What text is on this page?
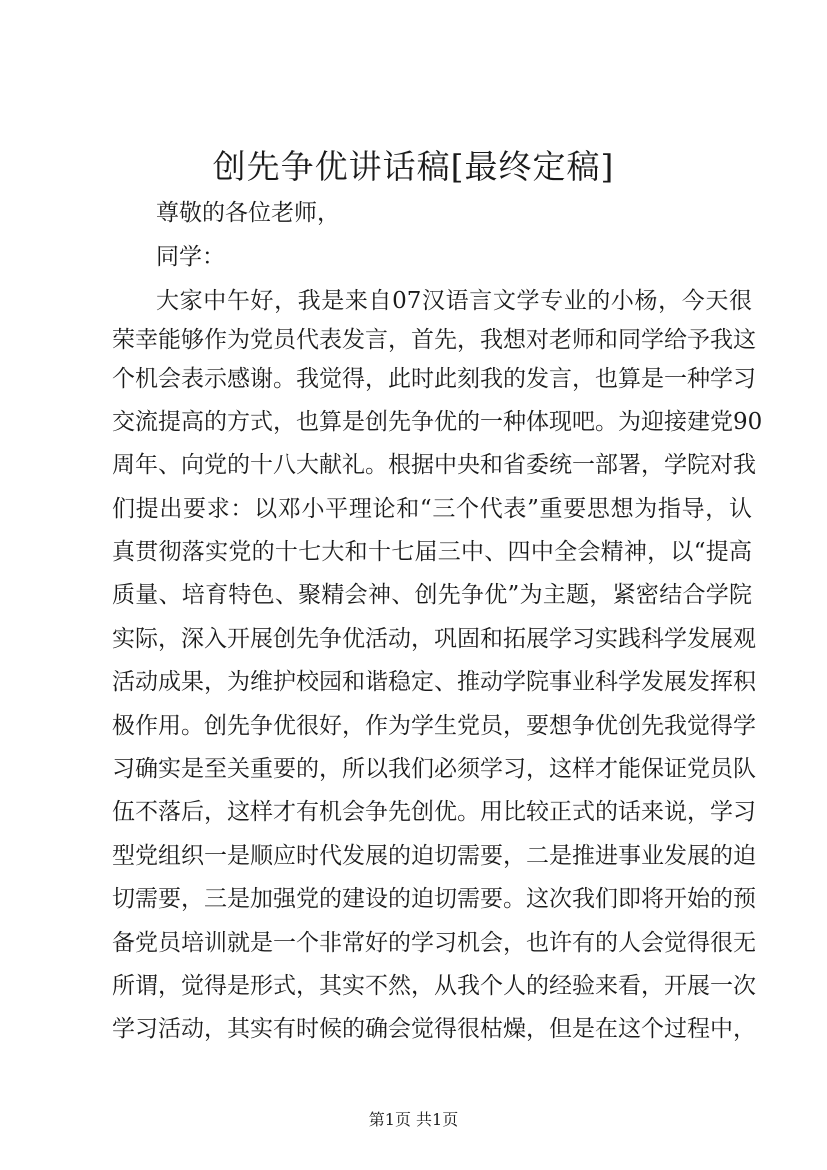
创先争优讲话稿[最终定稿]

尊敬的各位老师，

同学：

大家中午好，我是来自07汉语言文学专业的小杨，今天很

荣幸能够作为党员代表发言，首先，我想对老师和同学给予我这

个机会表示感谢。我觉得，此时此刻我的发言，也算是一种学习

交流提高的方式，也算是创先争优的一种体现吧。为迎接建党90

周年、向党的十八大献礼。根据中央和省委统一部署，学院对我

们提出要求：以邓小平理论和“三个代表”重要思想为指导，认

真贯彻落实党的十七大和十七届三中、四中全会精神，以“提高

质量、培育特色、聚精会神、创先争优”为主题，紧密结合学院

实际，深入开展创先争优活动，巩固和拓展学习实践科学发展观

活动成果，为维护校园和谐稳定、推动学院事业科学发展发挥积

极作用。创先争优很好，作为学生党员，要想争优创先我觉得学

习确实是至关重要的，所以我们必须学习，这样才能保证党员队

伍不落后，这样才有机会争先创优。用比较正式的话来说，学习

型党组织一是顺应时代发展的迫切需要，二是推进事业发展的迫

切需要，三是加强党的建设的迫切需要。这次我们即将开始的预

备党员培训就是一个非常好的学习机会，也许有的人会觉得很无

所谓，觉得是形式，其实不然，从我个人的经验来看，开展一次

学习活动，其实有时候的确会觉得很枯燥，但是在这个过程中，

第1页 共1页
